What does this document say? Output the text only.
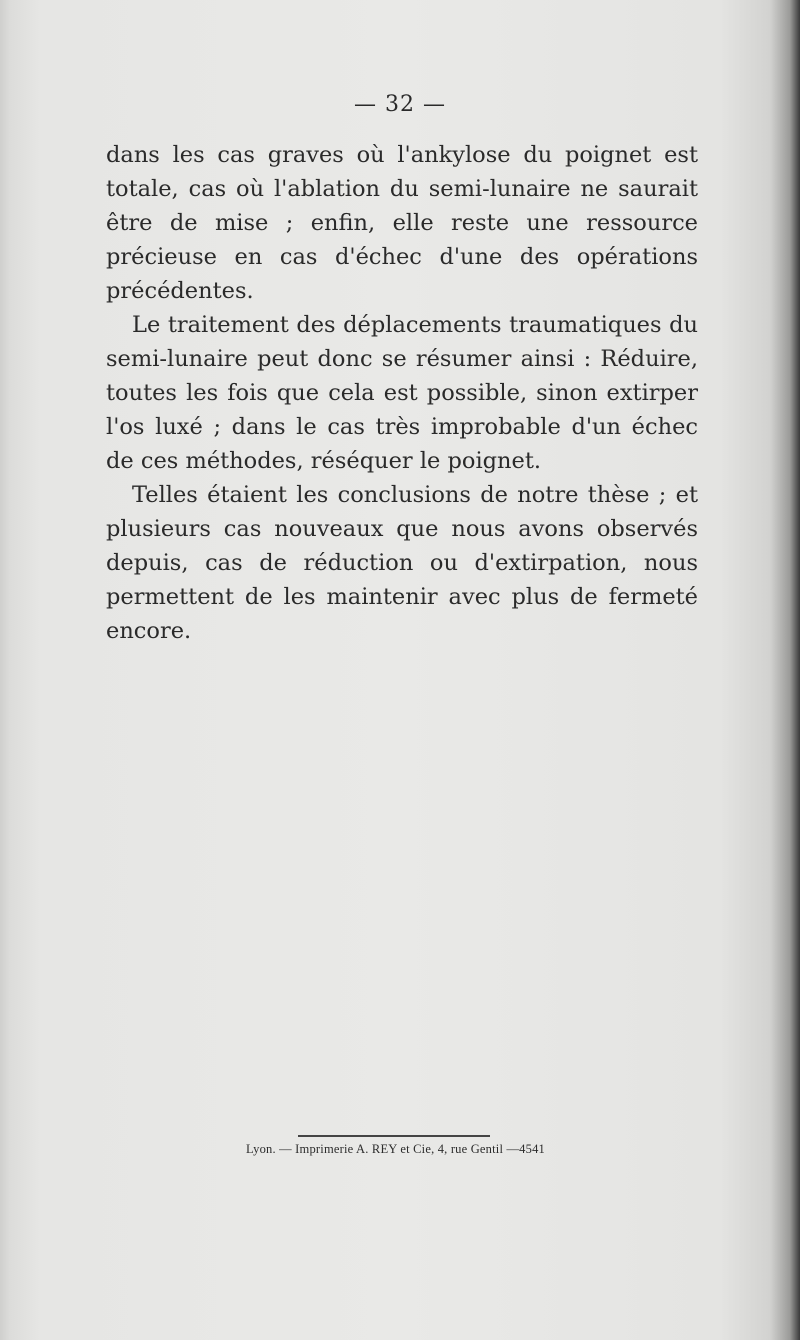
— 32 —

dans les cas graves où l'ankylose du poignet est totale, cas où l'ablation du semi-lunaire ne saurait être de mise ; enfin, elle reste une ressource précieuse en cas d'échec d'une des opérations précédentes.

Le traitement des déplacements traumatiques du semi-lunaire peut donc se résumer ainsi : Réduire, toutes les fois que cela est possible, sinon extirper l'os luxé ; dans le cas très improbable d'un échec de ces méthodes, réséquer le poignet.

Telles étaient les conclusions de notre thèse ; et plusieurs cas nouveaux que nous avons observés depuis, cas de réduction ou d'extirpation, nous permettent de les maintenir avec plus de fermeté encore.

Lyon. — Imprimerie A. REY et Cie, 4, rue Gentil —4541
